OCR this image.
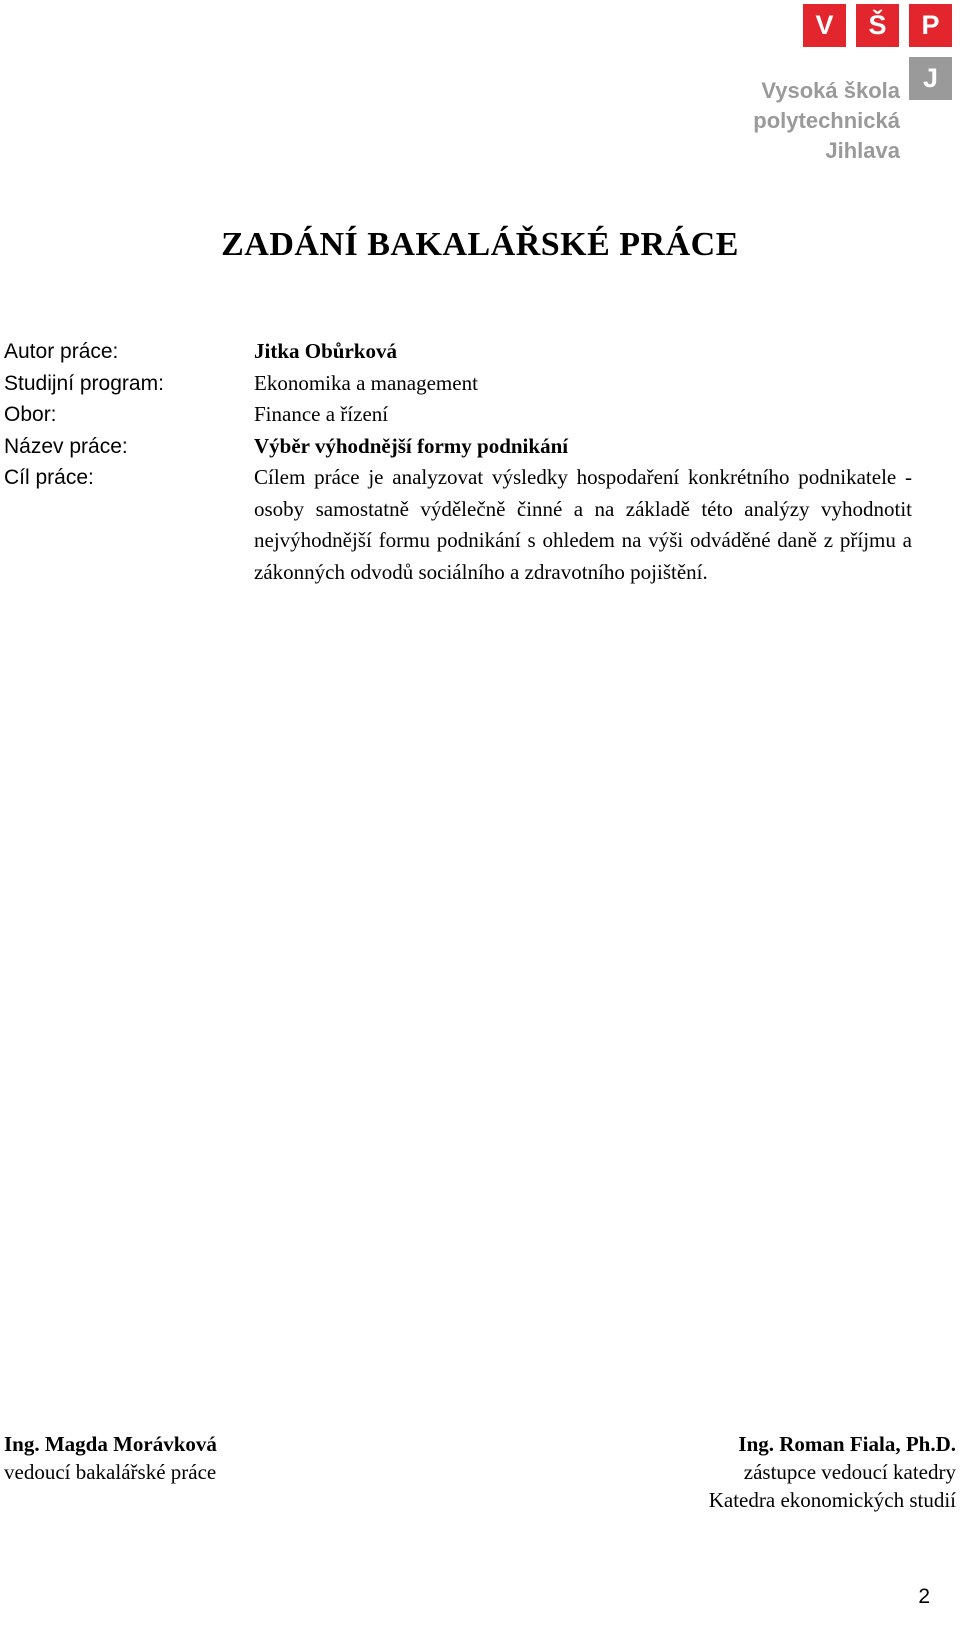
V	Š	P
J
Vysoká škola
polytechnická
Jihlava
ZADÁNÍ BAKALÁŘSKÉ PRÁCE
Autor práce:	Jitka Obůrková
Studijní program:	Ekonomika a management
Obor:	Finance a řízení
Název práce:	Výběr výhodnější formy podnikání
Cíl práce:	Cílem práce je analyzovat výsledky hospodaření konkrétního podnikatele - osoby samostatně výdělečně činné a na základě této analýzy vyhodnotit nejvýhodnější formu podnikání s ohledem na výši odváděné daně z příjmu a zákonných odvodů sociálního a zdravotního pojištění.
Ing. Magda Morávková
vedoucí bakalářské práce
Ing. Roman Fiala, Ph.D.
zástupce vedoucí katedry
Katedra ekonomických studií
2
